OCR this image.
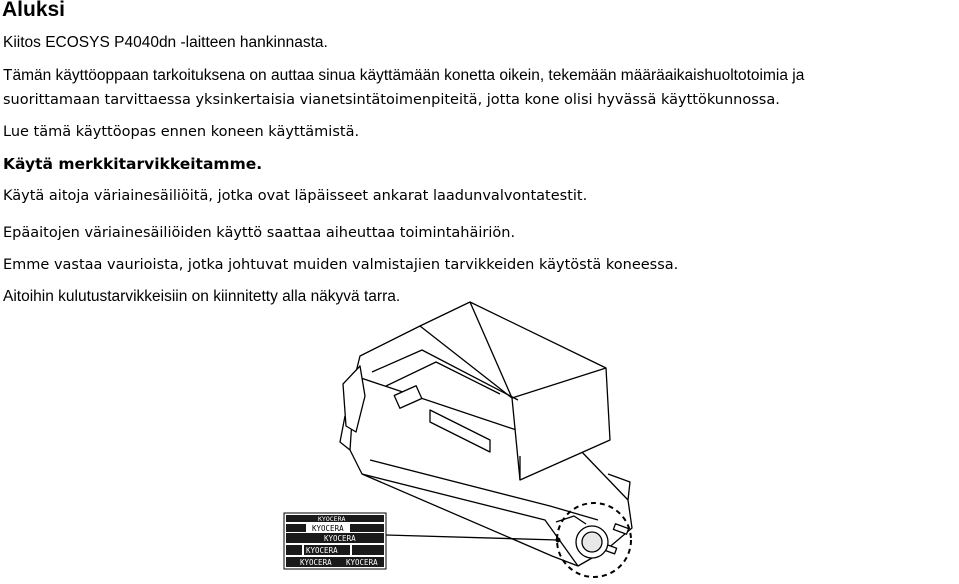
Aluksi
Kiitos ECOSYS P4040dn -laitteen hankinnasta.
Tämän käyttöoppaan tarkoituksena on auttaa sinua käyttämään konetta oikein, tekemään määräaikaishuoltotoimia ja
suorittamaan tarvittaessa yksinkertaisia vianetsintätoimenpiteitä, jotta kone olisi hyvässä käyttökunnossa.
Lue tämä käyttöopas ennen koneen käyttämistä.
Käytä merkkitarvikkeitamme.
Käytä aitoja väriainesäiliöitä, jotka ovat läpäisseet ankarat laadunvalvontatestit.
Epäaitojen väriainesäiliöiden käyttö saattaa aiheuttaa toimintahäiriön.
Emme vastaa vaurioista, jotka johtuvat muiden valmistajien tarvikkeiden käytöstä koneessa.
Aitoihin kulutustarvikkeisiin on kiinnitetty alla näkyvä tarra.
KYOCERA
KYOCERA
KYOCERA
KYOCERA
KYOCERA KYOCERA
